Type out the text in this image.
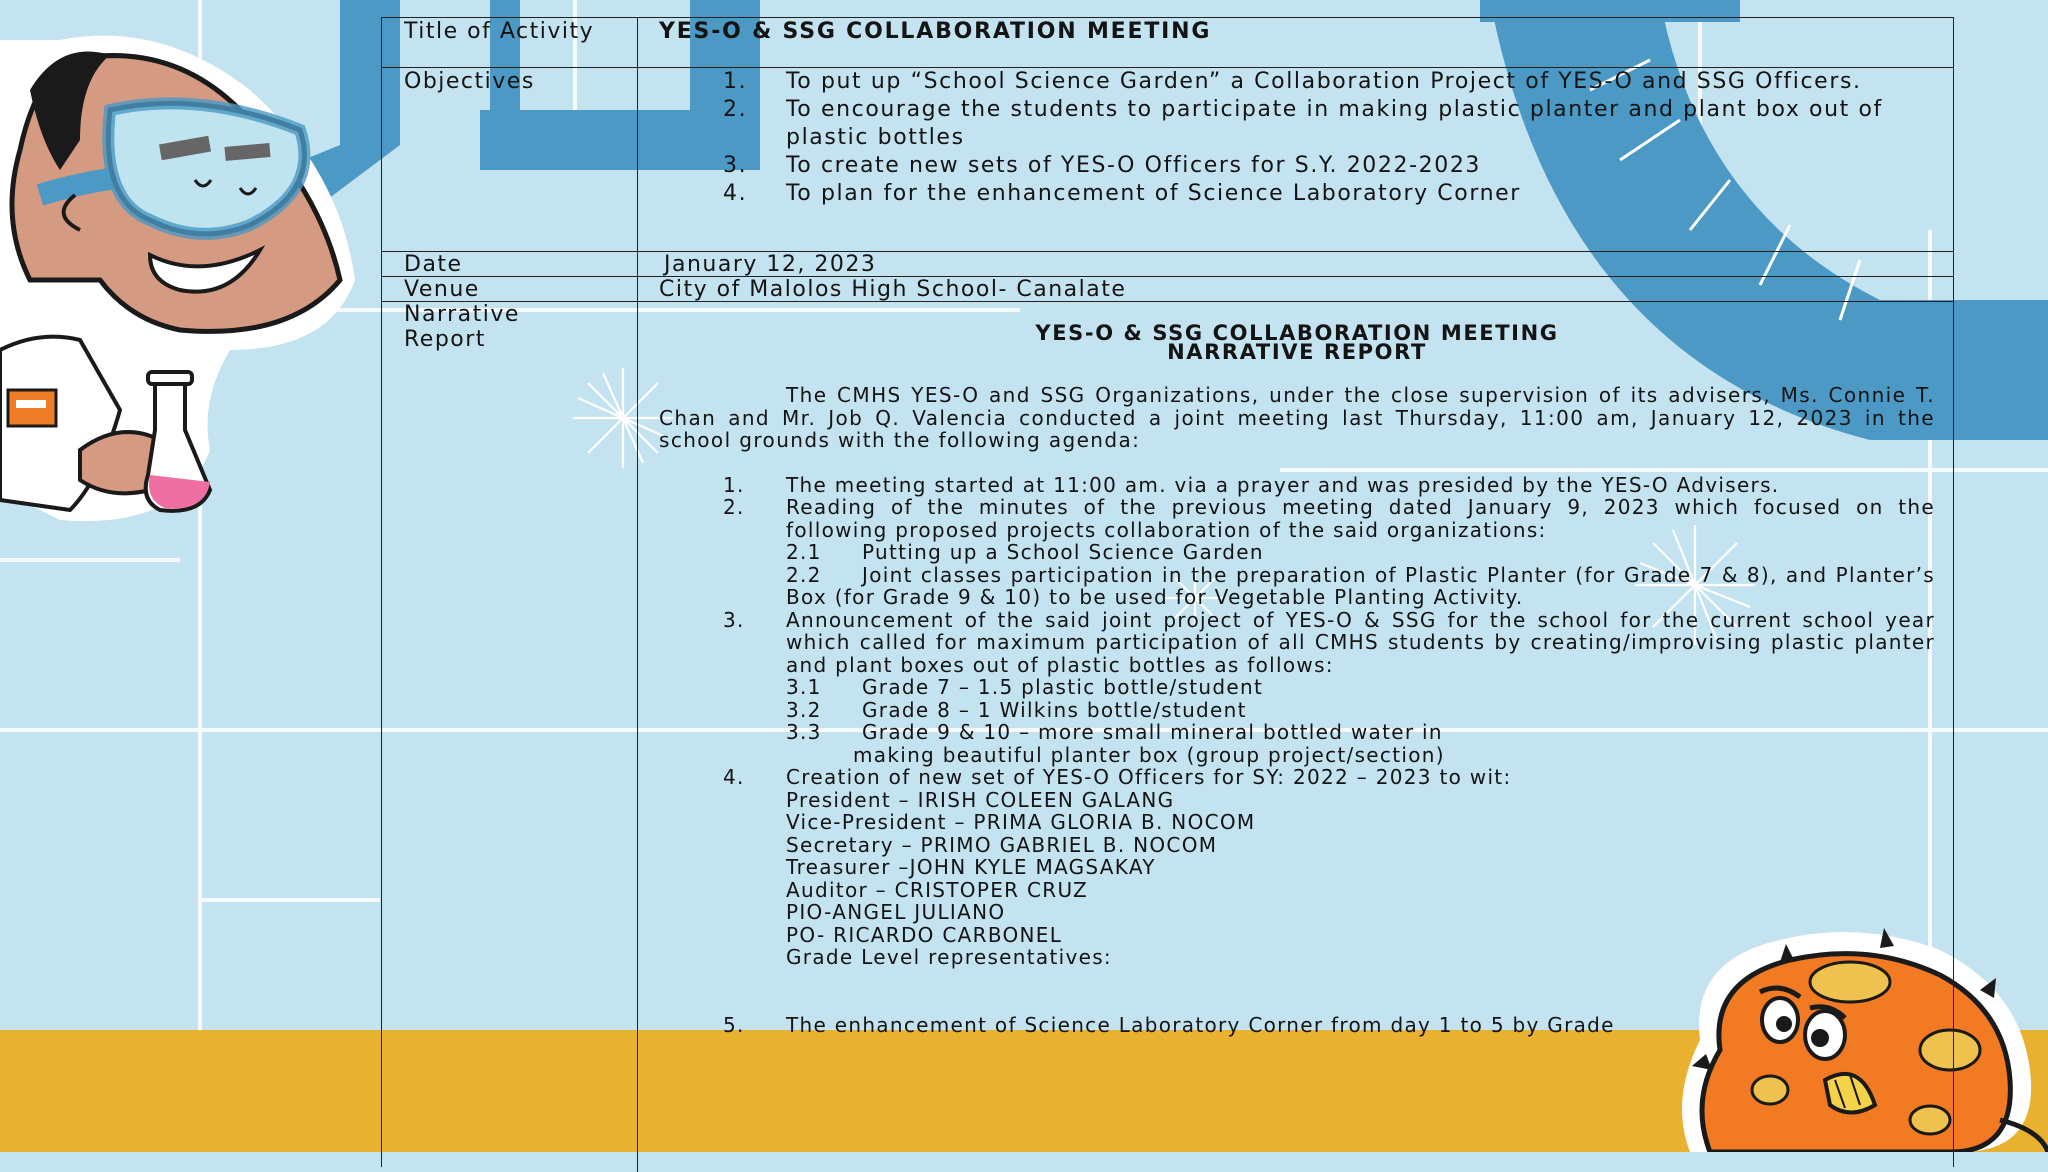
Title of Activity	YES-O & SSG COLLABORATION MEETING
Objectives	1. To put up “School Science Garden” a Collaboration Project of YES-O and SSG Officers.
2. To encourage the students to participate in making plastic planter and plant box out of plastic bottles
3. To create new sets of YES-O Officers for S.Y. 2022-2023
4. To plan for the enhancement of Science Laboratory Corner
Date	January 12, 2023
Venue	City of Malolos High School- Canalate
Narrative Report	YES-O & SSG COLLABORATION MEETING
NARRATIVE REPORT

The CMHS YES-O and SSG Organizations, under the close supervision of its advisers, Ms. Connie T. Chan and Mr. Job Q. Valencia conducted a joint meeting last Thursday, 11:00 am, January 12, 2023 in the school grounds with the following agenda:

1. The meeting started at 11:00 am. via a prayer and was presided by the YES-O Advisers.
2. Reading of the minutes of the previous meeting dated January 9, 2023 which focused on the following proposed projects collaboration of the said organizations:
2.1 Putting up a School Science Garden
2.2 Joint classes participation in the preparation of Plastic Planter (for Grade 7 & 8), and Planter’s Box (for Grade 9 & 10) to be used for Vegetable Planting Activity.
3. Announcement of the said joint project of YES-O & SSG for the school for the current school year which called for maximum participation of all CMHS students by creating/improvising plastic planter and plant boxes out of plastic bottles as follows:
3.1 Grade 7 – 1.5 plastic bottle/student
3.2 Grade 8 – 1 Wilkins bottle/student
3.3 Grade 9 & 10 – more small mineral bottled water in
making beautiful planter box (group project/section)
4. Creation of new set of YES-O Officers for SY: 2022 – 2023 to wit:
President – IRISH COLEEN GALANG
Vice-President – PRIMA GLORIA B. NOCOM
Secretary – PRIMO GABRIEL B. NOCOM
Treasurer –JOHN KYLE MAGSAKAY
Auditor – CRISTOPER CRUZ
PIO-ANGEL JULIANO
PO- RICARDO CARBONEL
Grade Level representatives:
5. The enhancement of Science Laboratory Corner from day 1 to 5 by Grade
